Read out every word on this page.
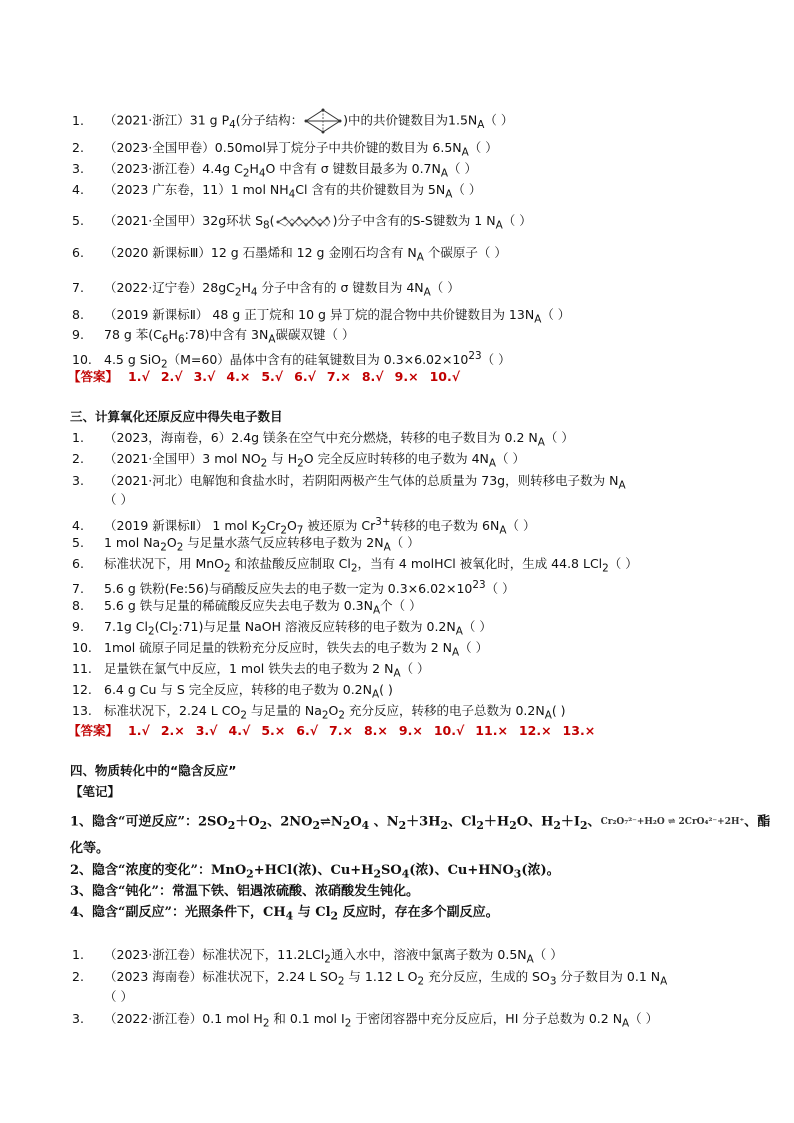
1. （2021·浙江）31 g $P_4$(分子结构：	)中的共价键数目为$1.5N_A$（ ）
2. （2023·全国甲卷）0.50mol异丁烷分子中共价键的数目为 $6.5N_A$（ ）
3. （2023·浙江卷）4.4g $C_2H_4O$ 中含有 σ 键数目最多为 $0.7N_A$（ ）
4. （2023 广东卷，11）1 mol $NH_4Cl$ 含有的共价键数目为 $5N_A$（ ）
5. （2021·全国甲）32g环状 $S_8$(	)分子中含有的S-S键数为 1 $N_A$（ ）
6. （2020 新课标Ⅲ）12 g 石墨烯和 12 g 金刚石均含有 $N_A$ 个碳原子（ ）
7. （2022·辽宁卷）$28gC_2H_4$ 分子中含有的 σ 键数目为 $4N_A$（ ）
8. （2019 新课标Ⅱ） 48 g 正丁烷和 10 g 异丁烷的混合物中共价键数目为 $13N_A$（ ）
9. 78 g 苯$(C_6H_6:78)$中含有 $3N_A$碳碳双键（ ）
10. 4.5 g SiO$_2$（M=60）晶体中含有的硅氧键数目为 $0.3\times 6.02\times 10^{23}$（ ）
【答案】 1.√ 2.√ 3.√ 4.× 5.√ 6.√ 7.× 8.√ 9.× 10.√
三、计算氧化还原反应中得失电子数目
1. （2023，海南卷，6）2.4g 镁条在空气中充分燃烧，转移的电子数目为 0.2 $N_A$（ ）
2. （2021·全国甲）3 mol $NO_2$ 与 $H_2O$ 完全反应时转移的电子数为 $4N_A$（ ）
3. （2021·河北）电解饱和食盐水时，若阴阳两极产生气体的总质量为 73g，则转移电子数为 $N_A$
（ ）
4. （2019 新课标Ⅱ） 1 mol $K_2Cr_2O_7$ 被还原为 $Cr^{3+}$转移的电子数为 $6N_A$（ ）
5. 1 mol $Na_2O_2$ 与足量水蒸气反应转移电子数为 $2N_A$（ ）
6. 标准状况下，用 MnO$_2$ 和浓盐酸反应制取 $Cl_2$，当有 4 molHCl 被氧化时，生成 44.8 LCl$_2$（ ）
7. 5.6 g 铁粉(Fe:56)与硝酸反应失去的电子数一定为 $0.3\times 6.02\times 10^{23}$（ ）
8. 5.6 g 铁与足量的稀硫酸反应失去电子数为 $0.3N_A$个（ ）
9. 7.1g $Cl_2(Cl_2:71)$与足量 NaOH 溶液反应转移的电子数为 $0.2N_A$（ ）
10. 1mol 硫原子同足量的铁粉充分反应时，铁失去的电子数为 2 $N_A$（ ）
11. 足量铁在氯气中反应，1 mol 铁失去的电子数为 2 $N_A$（ ）
12. 6.4 g Cu 与 S 完全反应，转移的电子数为 $0.2N_A$( )
13. 标准状况下，2.24 L $CO_2$ 与足量的 $Na_2O_2$ 充分反应，转移的电子总数为 $0.2N_A$( )
【答案】 1.√ 2.× 3.√ 4.√ 5.× 6.√ 7.× 8.× 9.× 10.√ 11.× 12.× 13.×
四、物质转化中的“隐含反应”
【笔记】
1、隐含“可逆反应”：$2SO_2+O_2$、$2NO_2\rightleftharpoons N_2O_4$ 、$N_2+3H_2$、$Cl_2+H_2O$、$H_2+I_2$、Cr₂O₇²⁻+H₂O ⇌ 2CrO₄²⁻+2H⁺、酯
化等。
2、隐含“浓度的变化”：MnO$_2$+HCl(浓)、$Cu+H_2SO_4$(浓)、$Cu+HNO_3$(浓)。
3、隐含“钝化”：常温下铁、铝遇浓硫酸、浓硝酸发生钝化。
4、隐含“副反应”：光照条件下，$CH_4$ 与 $Cl_2$ 反应时，存在多个副反应。
1. （2023·浙江卷）标准状况下，11.2LCl$_2$通入水中，溶液中氯离子数为 $0.5N_A$（ ）
2. （2023 海南卷）标准状况下，2.24 L $SO_2$ 与 1.12 L $O_2$ 充分反应，生成的 $SO_3$ 分子数目为 0.1 $N_A$
（ ）
3. （2022·浙江卷）0.1 mol $H_2$ 和 0.1 mol $I_2$ 于密闭容器中充分反应后，HI 分子总数为 0.2 $N_A$（ ）
